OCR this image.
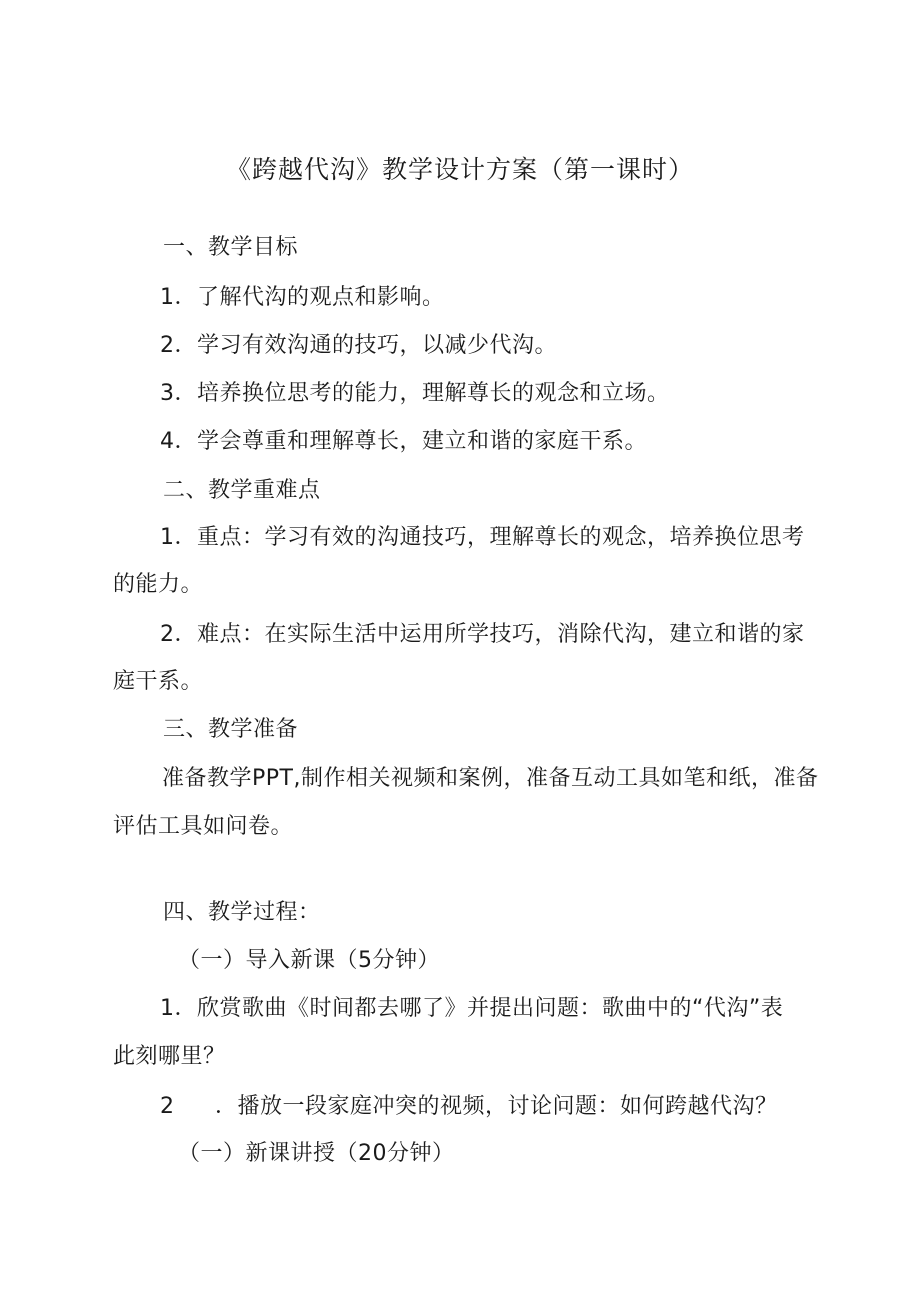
《跨越代沟》教学设计方案（第一课时）
一、教学目标
1．了解代沟的观点和影响。
2．学习有效沟通的技巧，以减少代沟。
3．培养换位思考的能力，理解尊长的观念和立场。
4．学会尊重和理解尊长，建立和谐的家庭干系。
二、教学重难点
1．重点：学习有效的沟通技巧，理解尊长的观念，培养换位思考
的能力。
2．难点：在实际生活中运用所学技巧，消除代沟，建立和谐的家
庭干系。
三、教学准备
准备教学PPT,制作相关视频和案例，准备互动工具如笔和纸，准备
评估工具如问卷。
四、教学过程：
（一）导入新课（5分钟）
1．欣赏歌曲《时间都去哪了》并提出问题：歌曲中的“代沟”表
此刻哪里？
2 ．播放一段家庭冲突的视频，讨论问题：如何跨越代沟？
（一）新课讲授（20分钟）
